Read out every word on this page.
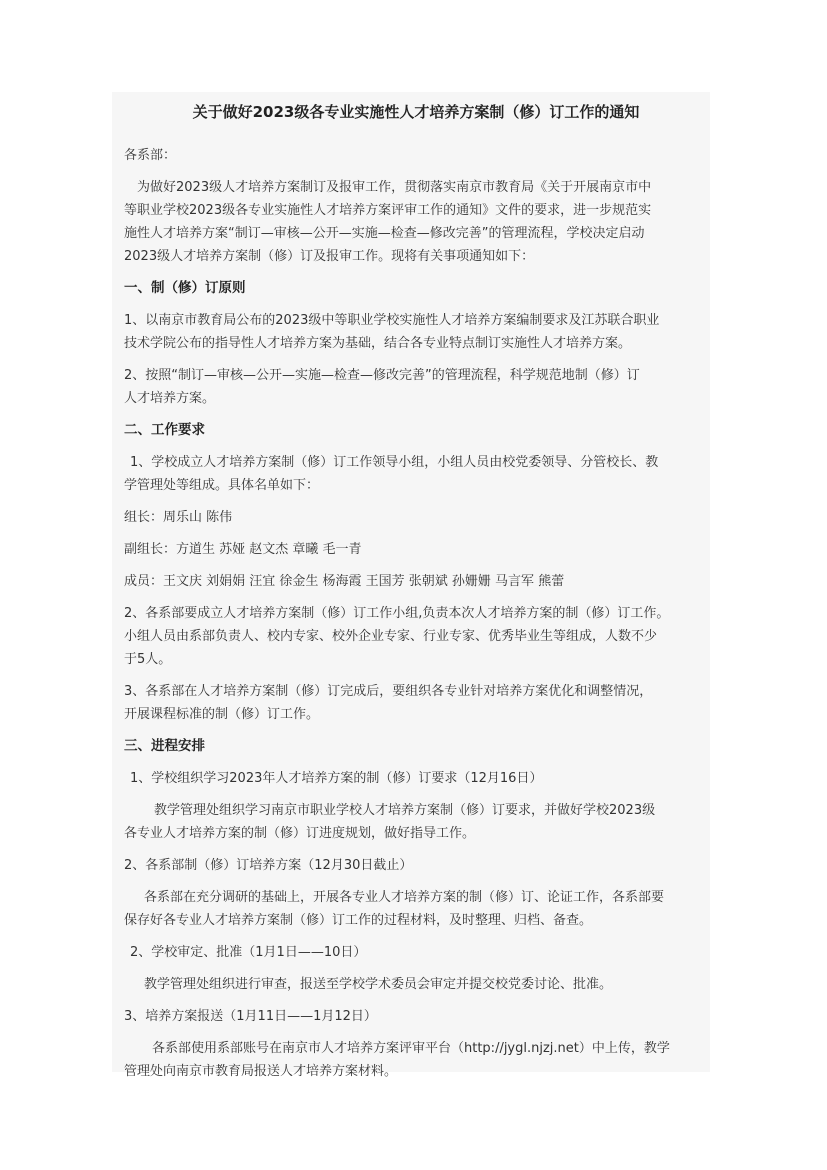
关于做好2023级各专业实施性人才培养方案制（修）订工作的通知
各系部：
为做好2023级人才培养方案制订及报审工作，贯彻落实南京市教育局《关于开展南京市中
等职业学校2023级各专业实施性人才培养方案评审工作的通知》文件的要求，进一步规范实
施性人才培养方案“制订—审核—公开—实施—检查—修改完善”的管理流程，学校决定启动
2023级人才培养方案制（修）订及报审工作。现将有关事项通知如下：
一、制（修）订原则
1、以南京市教育局公布的2023级中等职业学校实施性人才培养方案编制要求及江苏联合职业
技术学院公布的指导性人才培养方案为基础，结合各专业特点制订实施性人才培养方案。
2、按照“制订—审核—公开—实施—检查—修改完善”的管理流程，科学规范地制（修）订
人才培养方案。
二、工作要求
1、学校成立人才培养方案制（修）订工作领导小组，小组人员由校党委领导、分管校长、教
学管理处等组成。具体名单如下：
组长：周乐山 陈伟
副组长：方道生 苏娅 赵文杰 章曦 毛一青
成员：王文庆 刘娟娟 汪宜 徐金生 杨海霞 王国芳 张朝斌 孙姗姗 马言军 熊蕾
2、各系部要成立人才培养方案制（修）订工作小组,负责本次人才培养方案的制（修）订工作。
小组人员由系部负责人、校内专家、校外企业专家、行业专家、优秀毕业生等组成，人数不少
于5人。
3、各系部在人才培养方案制（修）订完成后，要组织各专业针对培养方案优化和调整情况，
开展课程标准的制（修）订工作。
三、进程安排
1、学校组织学习2023年人才培养方案的制（修）订要求（12月16日）
教学管理处组织学习南京市职业学校人才培养方案制（修）订要求，并做好学校2023级
各专业人才培养方案的制（修）订进度规划，做好指导工作。
2、各系部制（修）订培养方案（12月30日截止）
各系部在充分调研的基础上，开展各专业人才培养方案的制（修）订、论证工作，各系部要
保存好各专业人才培养方案制（修）订工作的过程材料，及时整理、归档、备查。
2、学校审定、批准（1月1日——10日）
教学管理处组织进行审查，报送至学校学术委员会审定并提交校党委讨论、批准。
3、培养方案报送（1月11日——1月12日）
各系部使用系部账号在南京市人才培养方案评审平台（http://jygl.njzj.net）中上传，教学
管理处向南京市教育局报送人才培养方案材料。
